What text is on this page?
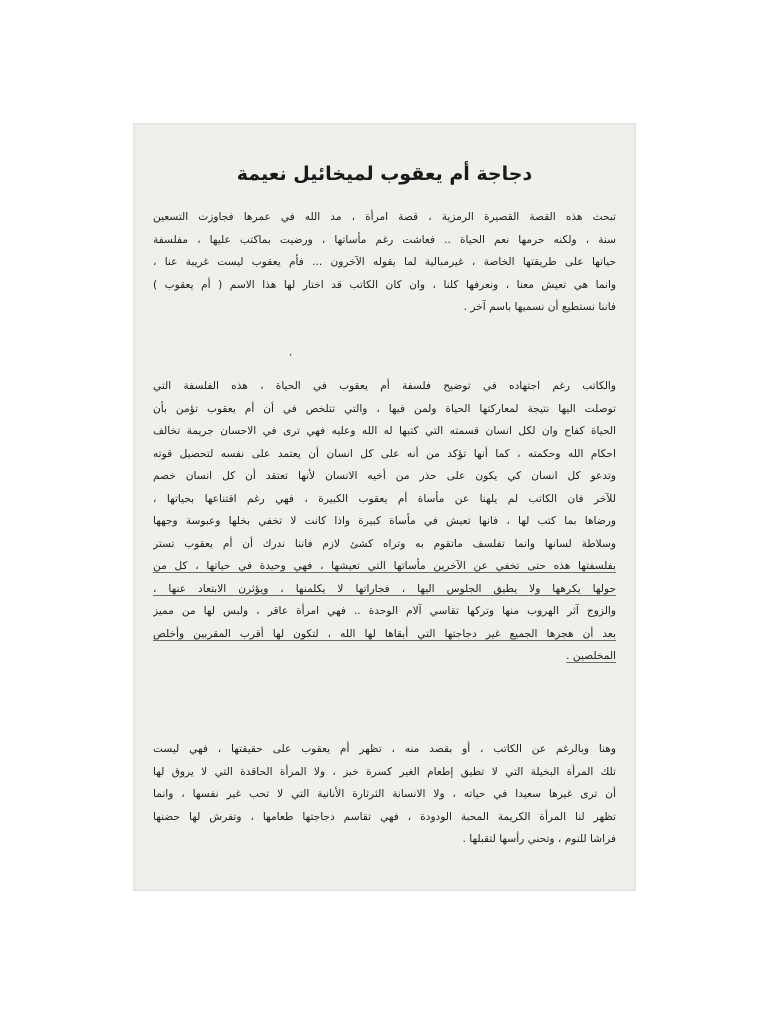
دجاجة أم يعقوب لميخائيل نعيمة
تبحث هذه القصة القصيرة الرمزية ، قصة امرأة ، مد الله في عمرها فجاوزت التسعين
سنة ، ولكنه حرمها نعم الحياة .. فعاشت رغم مأساتها ، ورضيت بماكتب عليها ، مفلسفة
حياتها على طريقتها الخاصة ، غيرمبالية لما يقوله الآخرون ... فأم يعقوب ليست غريبة عنا ،
وانما هي تعيش معنا ، ونعرفها كلنا ، وان كان الكاتب قد اختار لها هذا الاسم ( أم يعقوب )
فاننا نستطيع أن نسميها باسم آخر .
ʼ
والكاتب رغم اجتهاده في توضيح فلسفة أم يعقوب في الحياة ، هذه الفلسفة التي
توصلت اليها نتيجة لمعاركتها الحياة ولمن فيها ، والتي تتلخص في أن أم يعقوب تؤمن بأن
الحياة كفاح وان لكل انسان قسمته التي كتبها له الله وعليه فهي ترى في الاحسان جريمة تخالف
احكام الله وحكمته ، كما أنها تؤكد من أنه على كل انسان أن يعتمد على نفسه لتحصيل قوته
وتدعو كل انسان كي يكون على حذر من أخيه الانسان لأنها تعتقد أن كل انسان خصم
للآخر فان الكاتب لم يلهنا عن مأساة أم يعقوب الكبيرة ، فهي رغم اقتناعها بحياتها ،
ورضاها بما كتب لها ، فانها تعيش في مأساة كبيرة واذا كانت لا تخفي بخلها وعبوسة وجهها
وسلاطة لسانها وانما تفلسف ماتقوم به وتراه كشئ لازم فاننا ندرك أن أم يعقوب تستر
بفلسفتها هذه حتى تخفي عن الآخرين مأساتها التي تعيشها ، فهي وحيدة في حياتها ، كل من
حولها يكرهها ولا يطيق الجلوس اليها ، فجاراتها لا يكلمنها ، ويؤثرن الابتعاد عنها ،
والزوج آثر الهروب منها وتركها تقاسي آلام الوحدة .. فهي امرأة عاقر ، ولبس لها من مميز
بعد أن هجرها الجميع غير دجاجتها التي أبقاها لها الله ، لتكون لها أقرب المقربين وأخلص
المخلصين .
وهنا وبالرغم عن الكاتب ، أو بقصد منه ، تظهر أم يعقوب على حقيقتها ، فهي ليست
تلك المرأة البخيلة التي لا تطيق إطعام الغير كسرة خبز ، ولا المرأة الحاقدة التي لا يروق لها
أن ترى غيرها سعيدا في حياته ، ولا الانسانة الثرثارة الأنانية التي لا تحب غير نفسها ، وانما
تظهر لنا المرأة الكريمة المحبة الودودة ، فهي تقاسم دجاجتها طعامها ، وتفرش لها حضنها
فراشا للنوم ، وتحني رأسها لتقبلها .
